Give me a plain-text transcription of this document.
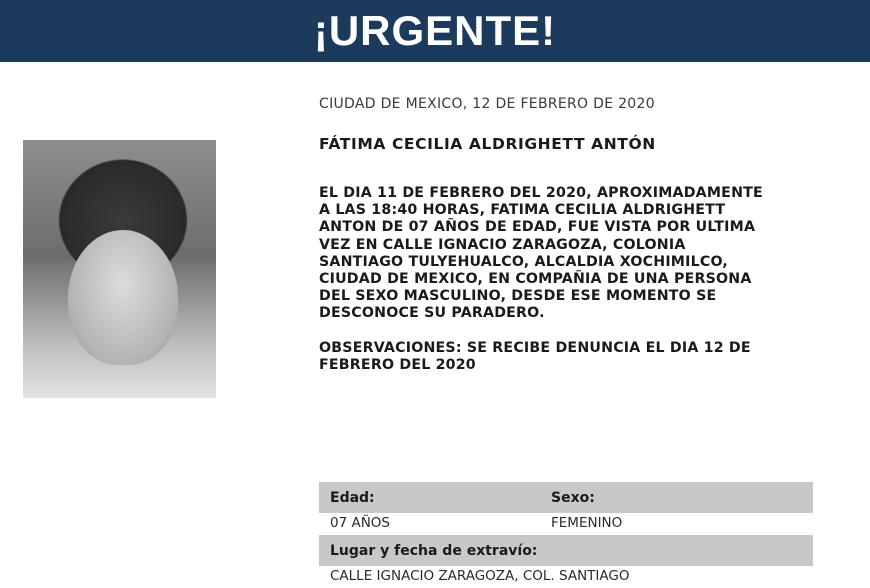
¡URGENTE!
CIUDAD DE MEXICO, 12 DE FEBRERO DE 2020
FÁTIMA CECILIA ALDRIGHETT ANTÓN
EL DIA 11 DE FEBRERO DEL 2020, APROXIMADAMENTE
A LAS 18:40 HORAS, FATIMA CECILIA ALDRIGHETT
ANTON DE 07 AÑOS DE EDAD, FUE VISTA POR ULTIMA
VEZ EN CALLE IGNACIO ZARAGOZA, COLONIA
SANTIAGO TULYEHUALCO, ALCALDIA XOCHIMILCO,
CIUDAD DE MEXICO, EN COMPAÑIA DE UNA PERSONA
DEL SEXO MASCULINO, DESDE ESE MOMENTO SE
DESCONOCE SU PARADERO.
OBSERVACIONES: SE RECIBE DENUNCIA EL DIA 12 DE
FEBRERO DEL 2020
Edad:	Sexo:
07 AÑOS	FEMENINO
Lugar y fecha de extravío:
CALLE IGNACIO ZARAGOZA, COL. SANTIAGO
